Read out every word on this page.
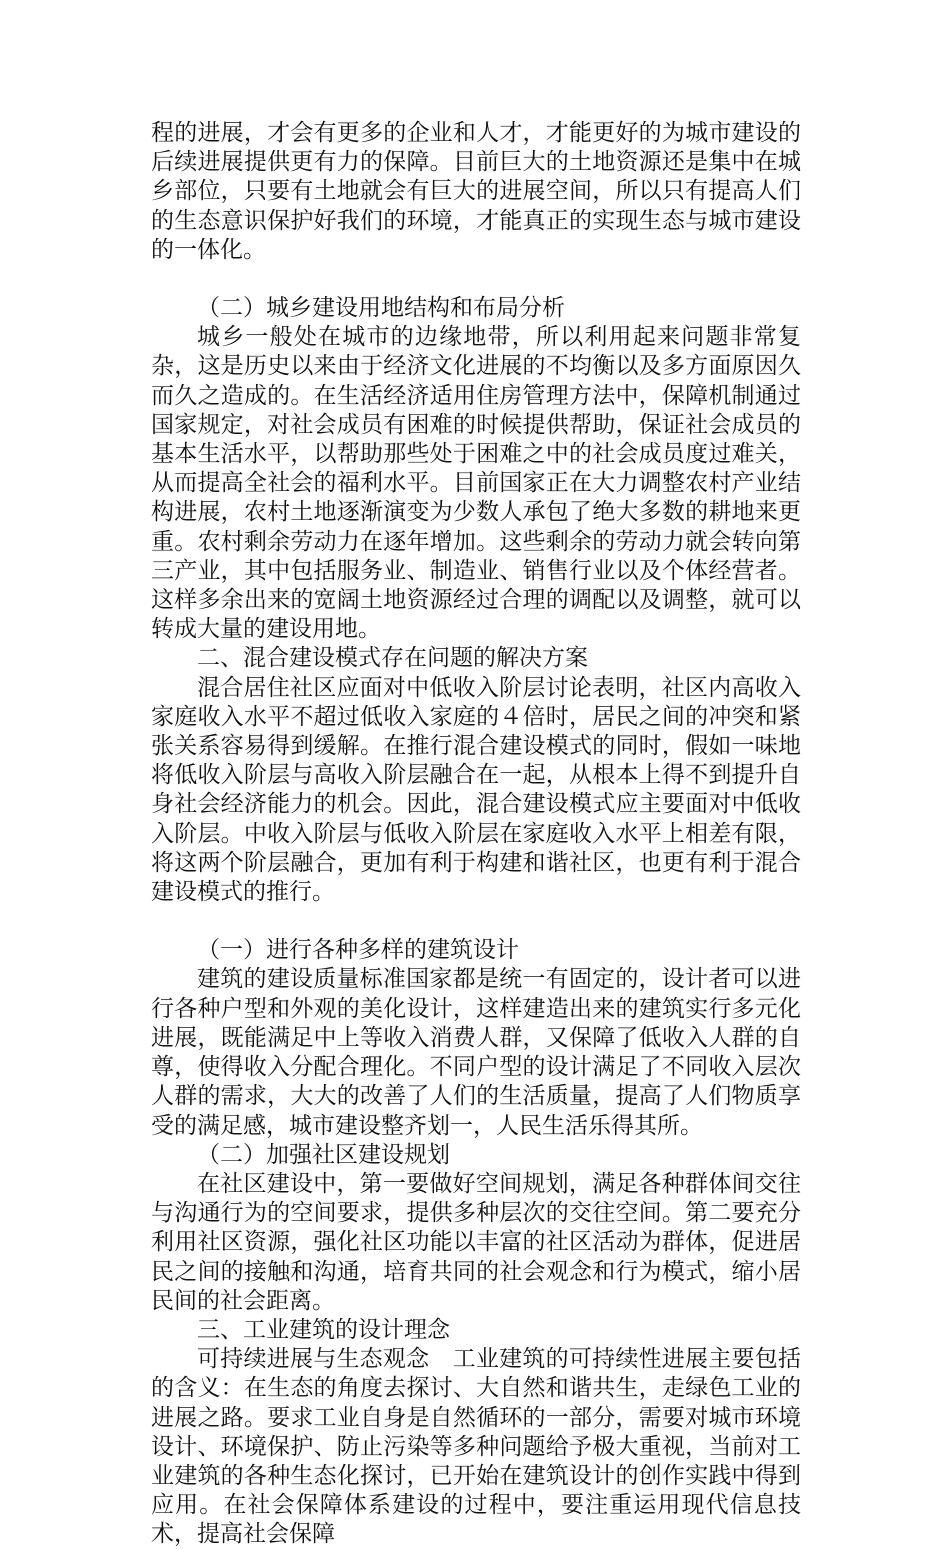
程的进展，才会有更多的企业和人才，才能更好的为城市建设的后续进展提供更有力的保障。目前巨大的土地资源还是集中在城乡部位，只要有土地就会有巨大的进展空间，所以只有提高人们的生态意识保护好我们的环境，才能真正的实现生态与城市建设的一体化。

（二）城乡建设用地结构和布局分析

城乡一般处在城市的边缘地带，所以利用起来问题非常复杂，这是历史以来由于经济文化进展的不均衡以及多方面原因久而久之造成的。在生活经济适用住房管理方法中，保障机制通过国家规定，对社会成员有困难的时候提供帮助，保证社会成员的基本生活水平，以帮助那些处于困难之中的社会成员度过难关，从而提高全社会的福利水平。目前国家正在大力调整农村产业结构进展，农村土地逐渐演变为少数人承包了绝大多数的耕地来更重。农村剩余劳动力在逐年增加。这些剩余的劳动力就会转向第三产业，其中包括服务业、制造业、销售行业以及个体经营者。这样多余出来的宽阔土地资源经过合理的调配以及调整，就可以转成大量的建设用地。

二、混合建设模式存在问题的解决方案

混合居住社区应面对中低收入阶层讨论表明，社区内高收入家庭收入水平不超过低收入家庭的４倍时，居民之间的冲突和紧张关系容易得到缓解。在推行混合建设模式的同时，假如一味地将低收入阶层与高收入阶层融合在一起，从根本上得不到提升自身社会经济能力的机会。因此，混合建设模式应主要面对中低收入阶层。中收入阶层与低收入阶层在家庭收入水平上相差有限，将这两个阶层融合，更加有利于构建和谐社区，也更有利于混合建设模式的推行。

（一）进行各种多样的建筑设计

建筑的建设质量标准国家都是统一有固定的，设计者可以进行各种户型和外观的美化设计，这样建造出来的建筑实行多元化进展，既能满足中上等收入消费人群，又保障了低收入人群的自尊，使得收入分配合理化。不同户型的设计满足了不同收入层次人群的需求，大大的改善了人们的生活质量，提高了人们物质享受的满足感，城市建设整齐划一，人民生活乐得其所。

（二）加强社区建设规划

在社区建设中，第一要做好空间规划，满足各种群体间交往与沟通行为的空间要求，提供多种层次的交往空间。第二要充分利用社区资源，强化社区功能以丰富的社区活动为群体，促进居民之间的接触和沟通，培育共同的社会观念和行为模式，缩小居民间的社会距离。

三、工业建筑的设计理念

可持续进展与生态观念　工业建筑的可持续性进展主要包括的含义：在生态的角度去探讨、大自然和谐共生，走绿色工业的进展之路。要求工业自身是自然循环的一部分，需要对城市环境设计、环境保护、防止污染等多种问题给予极大重视，当前对工业建筑的各种生态化探讨，已开始在建筑设计的创作实践中得到应用。在社会保障体系建设的过程中，要注重运用现代信息技术，提高社会保障
